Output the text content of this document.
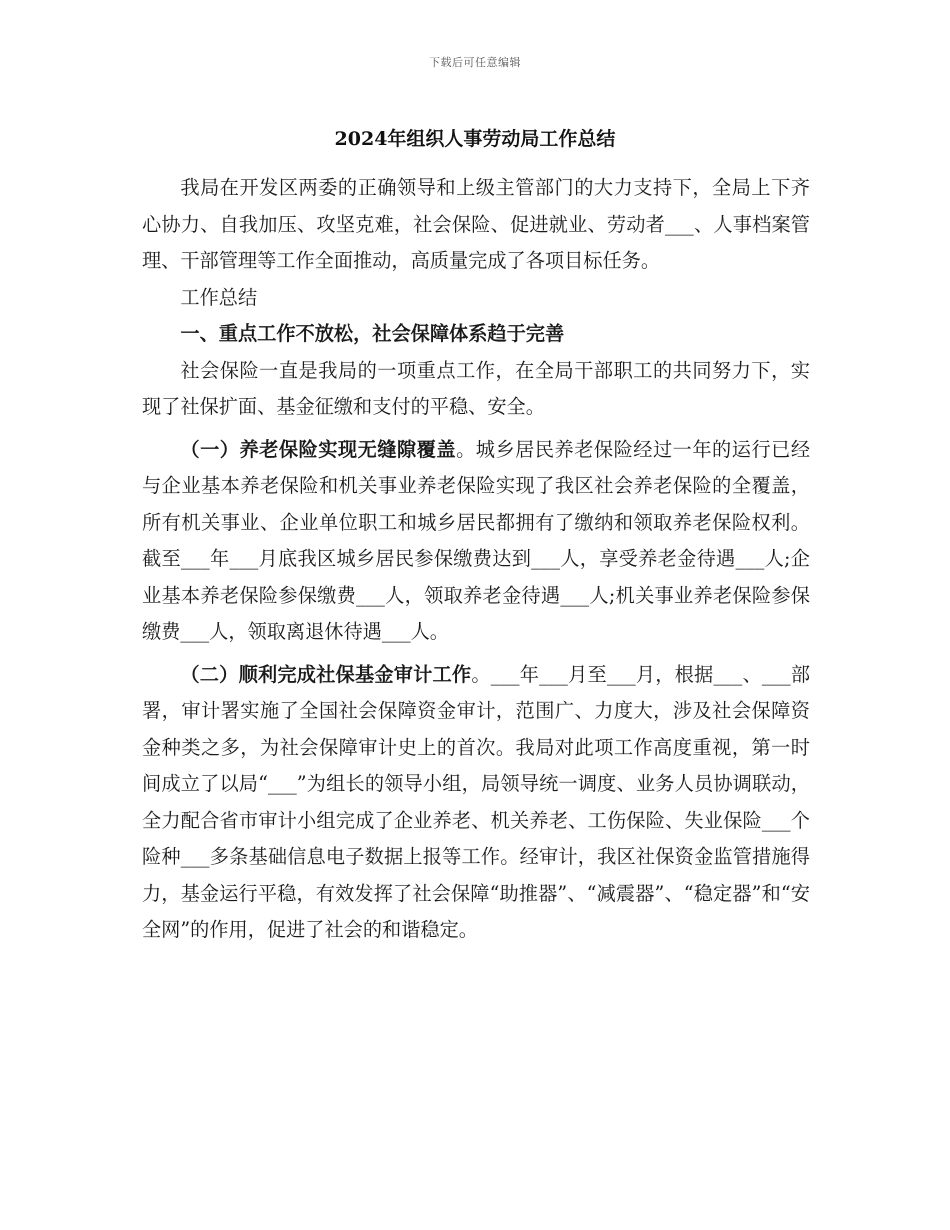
下载后可任意编辑
2024年组织人事劳动局工作总结

我局在开发区两委的正确领导和上级主管部门的大力支持下，全局上下齐心协力、自我加压、攻坚克难，社会保险、促进就业、劳动者___、人事档案管理、干部管理等工作全面推动，高质量完成了各项目标任务。

工作总结

一、重点工作不放松，社会保障体系趋于完善

社会保险一直是我局的一项重点工作，在全局干部职工的共同努力下，实现了社保扩面、基金征缴和支付的平稳、安全。

（一）养老保险实现无缝隙覆盖。城乡居民养老保险经过一年的运行已经与企业基本养老保险和机关事业养老保险实现了我区社会养老保险的全覆盖，所有机关事业、企业单位职工和城乡居民都拥有了缴纳和领取养老保险权利。截至___年___月底我区城乡居民参保缴费达到___人，享受养老金待遇___人;企业基本养老保险参保缴费___人，领取养老金待遇___人;机关事业养老保险参保缴费___人，领取离退休待遇___人。

（二）顺利完成社保基金审计工作。___年___月至___月，根据___、___部署，审计署实施了全国社会保障资金审计，范围广、力度大，涉及社会保障资金种类之多，为社会保障审计史上的首次。我局对此项工作高度重视，第一时间成立了以局“___”为组长的领导小组，局领导统一调度、业务人员协调联动，全力配合省市审计小组完成了企业养老、机关养老、工伤保险、失业保险___个险种___多条基础信息电子数据上报等工作。经审计，我区社保资金监管措施得力，基金运行平稳，有效发挥了社会保障“助推器”、“减震器”、“稳定器”和“安全网”的作用，促进了社会的和谐稳定。
